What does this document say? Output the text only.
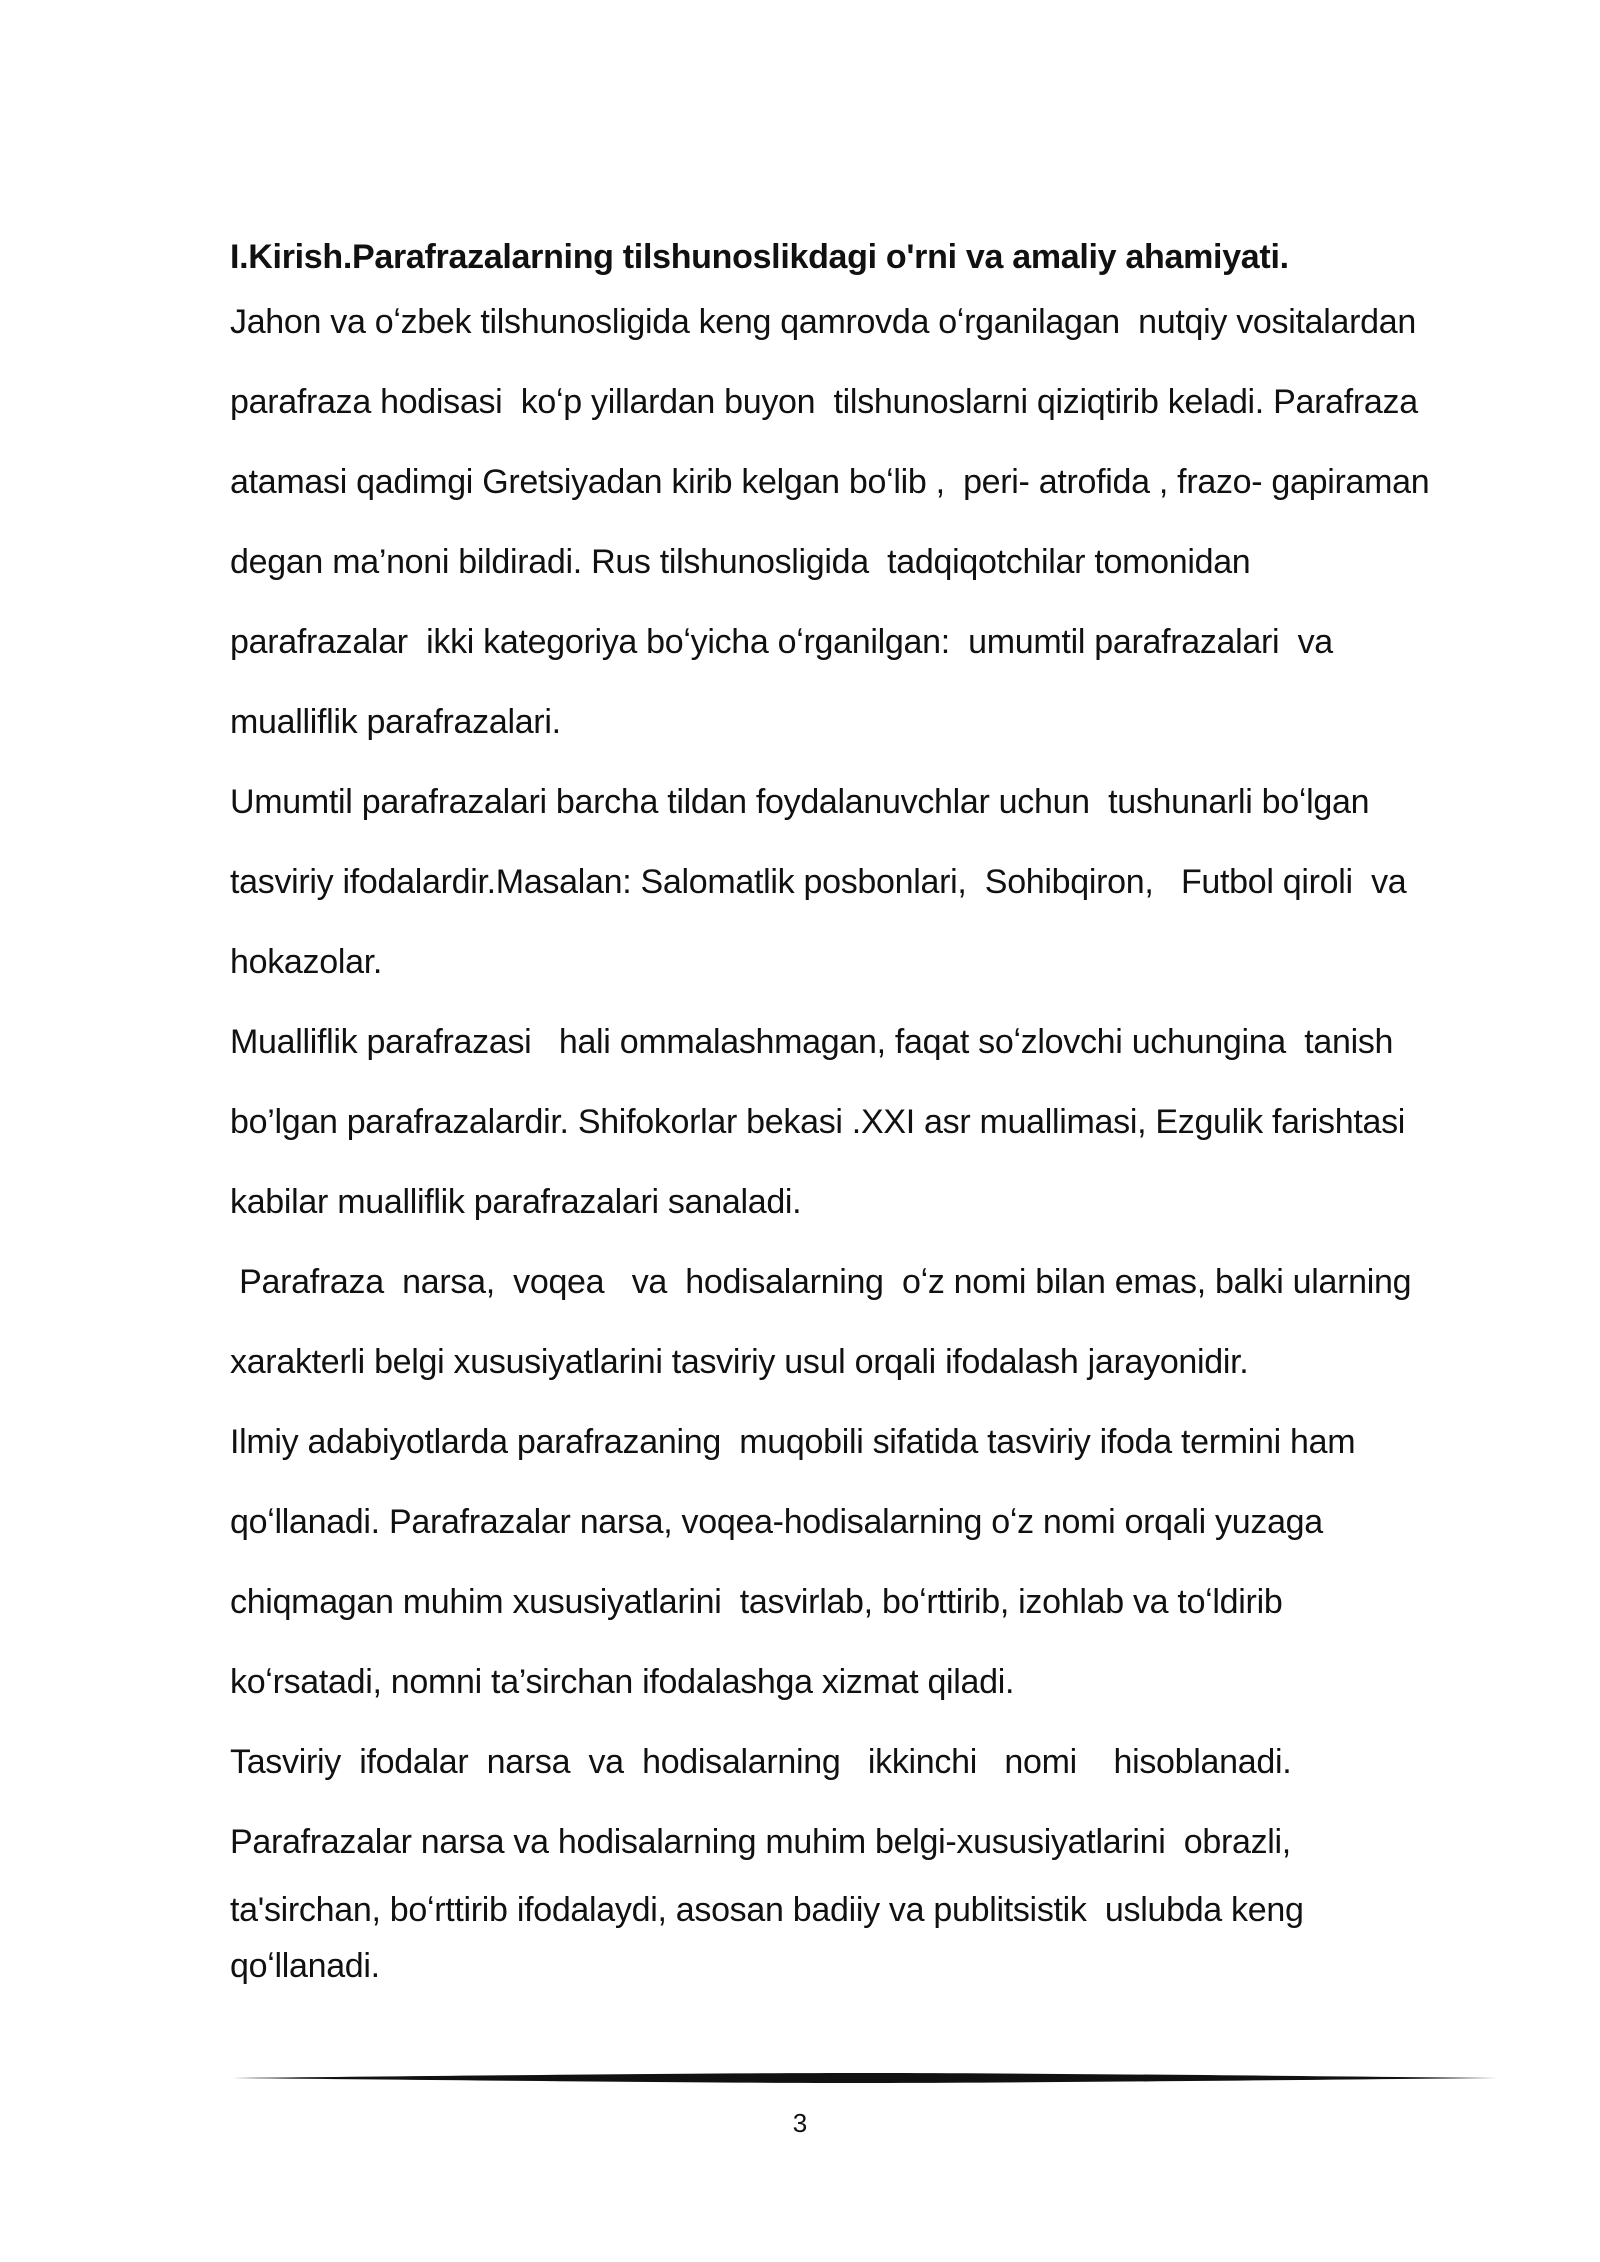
I.Kirish.Parafrazalarning tilshunoslikdagi o'rni va amaliy ahamiyati.

Jahon va oʻzbek tilshunosligida keng qamrovda oʻrganilagan  nutqiy vositalardan

parafraza hodisasi  koʻp yillardan buyon  tilshunoslarni qiziqtirib keladi. Parafraza

atamasi qadimgi Gretsiyadan kirib kelgan boʻlib ,  peri- atrofida , frazo- gapiraman

degan ma’noni bildiradi. Rus tilshunosligida  tadqiqotchilar tomonidan

parafrazalar  ikki kategoriya boʻyicha oʻrganilgan:  umumtil parafrazalari  va

mualliflik parafrazalari.

Umumtil parafrazalari barcha tildan foydalanuvchlar uchun  tushunarli boʻlgan

tasviriy ifodalardir.Masalan: Salomatlik posbonlari,  Sohibqiron,   Futbol qiroli  va

hokazolar.

Mualliflik parafrazasi   hali ommalashmagan, faqat soʻzlovchi uchungina  tanish

bo’lgan parafrazalardir. Shifokorlar bekasi .XXI asr muallimasi, Ezgulik farishtasi

kabilar mualliflik parafrazalari sanaladi.

Parafraza  narsa,  voqea   va  hodisalarning  oʻz nomi bilan emas, balki ularning

xarakterli belgi xususiyatlarini tasviriy usul orqali ifodalash jarayonidir.

Ilmiy adabiyotlarda parafrazaning  muqobili sifatida tasviriy ifoda termini ham

qoʻllanadi. Parafrazalar narsa, voqea-hodisalarning oʻz nomi orqali yuzaga

chiqmagan muhim xususiyatlarini  tasvirlab, boʻrttirib, izohlab va toʻldirib

koʻrsatadi, nomni ta’sirchan ifodalashga xizmat qiladi.

Tasviriy  ifodalar  narsa  va  hodisalarning   ikkinchi   nomi    hisoblanadi.

Parafrazalar narsa va hodisalarning muhim belgi-xususiyatlarini  obrazli,

ta'sirchan, boʻrttirib ifodalaydi, asosan badiiy va publitsistik  uslubda keng

qoʻllanadi.

3
